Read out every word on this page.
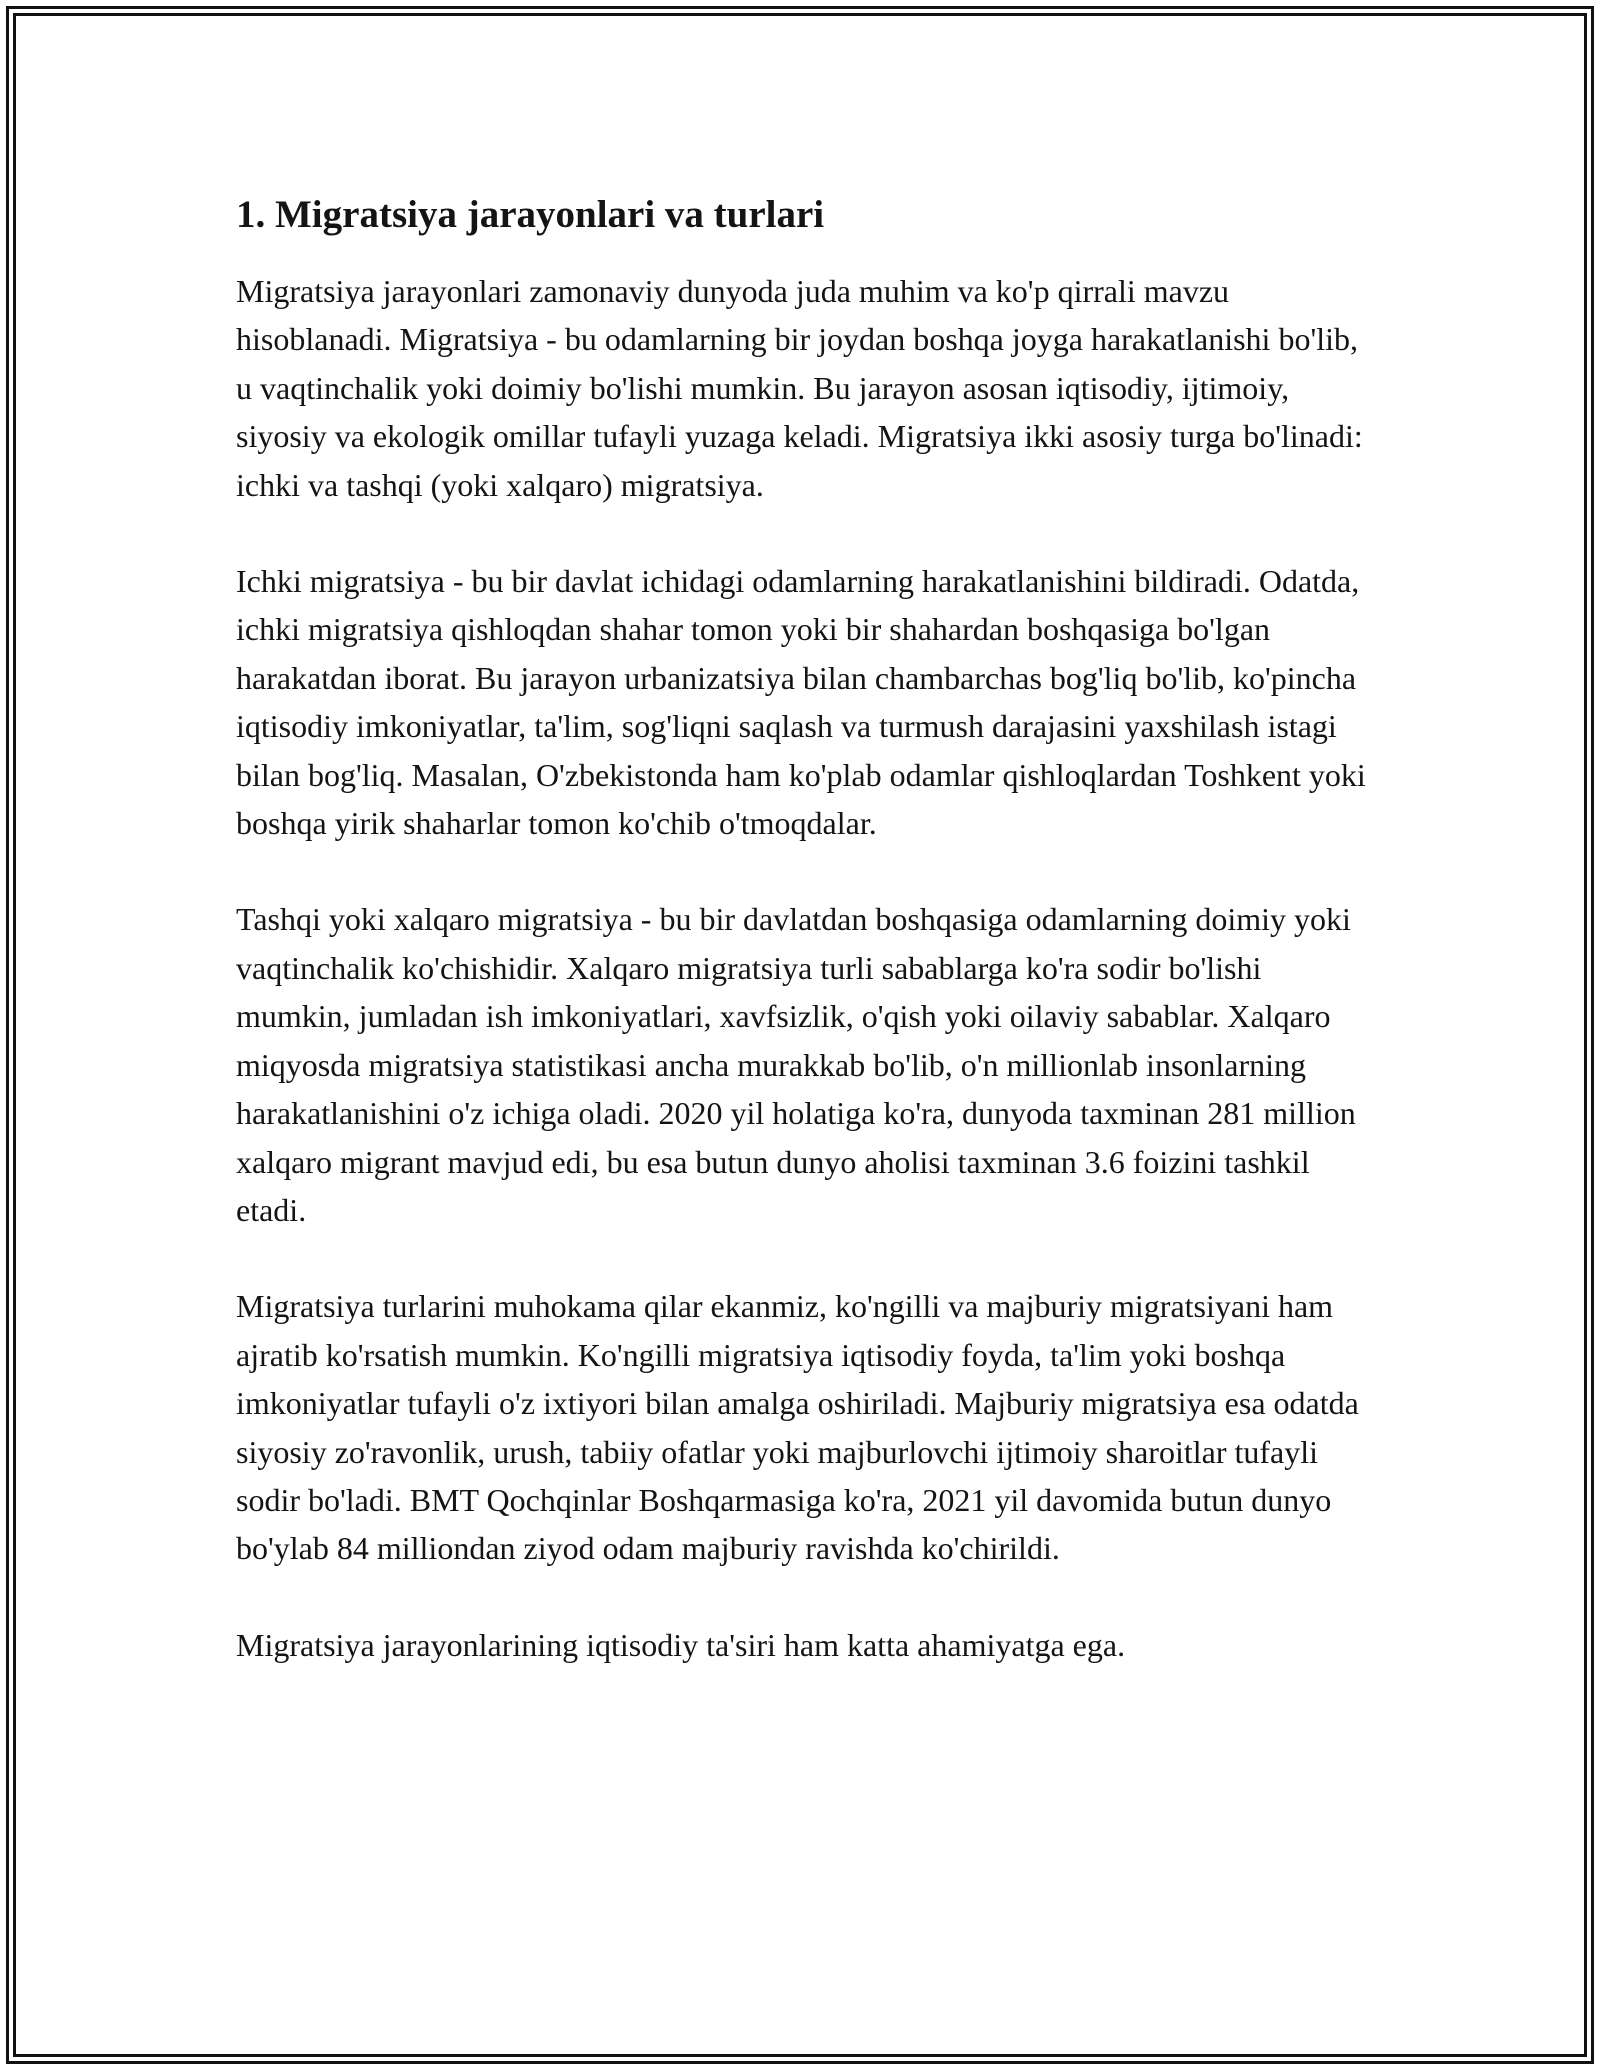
1. Migratsiya jarayonlari va turlari

Migratsiya jarayonlari zamonaviy dunyoda juda muhim va ko'p qirrali mavzu hisoblanadi. Migratsiya - bu odamlarning bir joydan boshqa joyga harakatlanishi bo'lib, u vaqtinchalik yoki doimiy bo'lishi mumkin. Bu jarayon asosan iqtisodiy, ijtimoiy, siyosiy va ekologik omillar tufayli yuzaga keladi. Migratsiya ikki asosiy turga bo'linadi: ichki va tashqi (yoki xalqaro) migratsiya.

Ichki migratsiya - bu bir davlat ichidagi odamlarning harakatlanishini bildiradi. Odatda, ichki migratsiya qishloqdan shahar tomon yoki bir shahardan boshqasiga bo'lgan harakatdan iborat. Bu jarayon urbanizatsiya bilan chambarchas bog'liq bo'lib, ko'pincha iqtisodiy imkoniyatlar, ta'lim, sog'liqni saqlash va turmush darajasini yaxshilash istagi bilan bog'liq. Masalan, O'zbekistonda ham ko'plab odamlar qishloqlardan Toshkent yoki boshqa yirik shaharlar tomon ko'chib o'tmoqdalar.

Tashqi yoki xalqaro migratsiya - bu bir davlatdan boshqasiga odamlarning doimiy yoki vaqtinchalik ko'chishidir. Xalqaro migratsiya turli sabablarga ko'ra sodir bo'lishi mumkin, jumladan ish imkoniyatlari, xavfsizlik, o'qish yoki oilaviy sabablar. Xalqaro miqyosda migratsiya statistikasi ancha murakkab bo'lib, o'n millionlab insonlarning harakatlanishini o'z ichiga oladi. 2020 yil holatiga ko'ra, dunyoda taxminan 281 million xalqaro migrant mavjud edi, bu esa butun dunyo aholisi taxminan 3.6 foizini tashkil etadi.

Migratsiya turlarini muhokama qilar ekanmiz, ko'ngilli va majburiy migratsiyani ham ajratib ko'rsatish mumkin. Ko'ngilli migratsiya iqtisodiy foyda, ta'lim yoki boshqa imkoniyatlar tufayli o'z ixtiyori bilan amalga oshiriladi. Majburiy migratsiya esa odatda siyosiy zo'ravonlik, urush, tabiiy ofatlar yoki majburlovchi ijtimoiy sharoitlar tufayli sodir bo'ladi. BMT Qochqinlar Boshqarmasiga ko'ra, 2021 yil davomida butun dunyo bo'ylab 84 milliondan ziyod odam majburiy ravishda ko'chirildi.

Migratsiya jarayonlarining iqtisodiy ta'siri ham katta ahamiyatga ega.
